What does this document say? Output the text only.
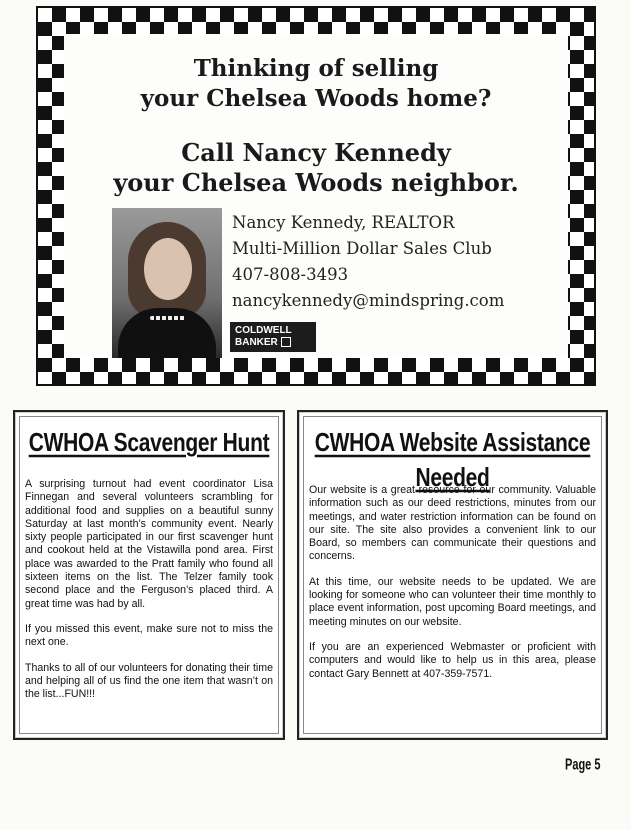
Thinking of selling
your Chelsea Woods home?
Call Nancy Kennedy
your Chelsea Woods neighbor.
Nancy Kennedy, REALTOR
Multi-Million Dollar Sales Club
407-808-3493
nancykennedy@mindspring.com
COLDWELL
BANKER
CWHOA Scavenger Hunt

A surprising turnout had event coordinator Lisa Finnegan and several volunteers scrambling for additional food and supplies on a beautiful sunny Saturday at last month’s community event. Nearly sixty people participated in our first scavenger hunt and cookout held at the Vistawilla pond area. First place was awarded to the Pratt family who found all sixteen items on the list. The Telzer family took second place and the Ferguson’s placed third. A great time was had by all.

If you missed this event, make sure not to miss the next one.

Thanks to all of our volunteers for donating their time and helping all of us find the one item that wasn’t on the list...FUN!!!

CWHOA Website Assistance Needed

Our website is a great resource for our community. Valuable information such as our deed restrictions, minutes from our meetings, and water restriction information can be found on our site. The site also provides a convenient link to our Board, so members can communicate their questions and concerns.

At this time, our website needs to be updated. We are looking for someone who can volunteer their time monthly to place event information, post upcoming Board meetings, and meeting minutes on our website.

If you are an experienced Webmaster or proficient with computers and would like to help us in this area, please contact Gary Bennett at 407-359-7571.

Page 5
